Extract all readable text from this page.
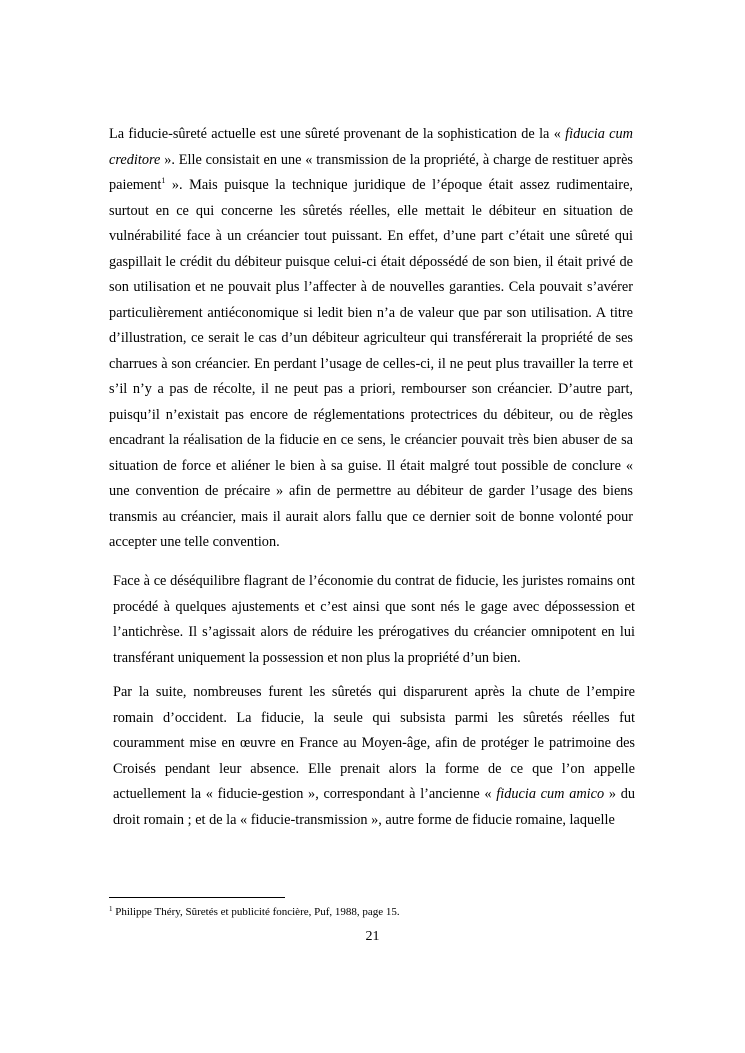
La fiducie-sûreté actuelle est une sûreté provenant de la sophistication de la « fiducia cum creditore ». Elle consistait en une « transmission de la propriété, à charge de restituer après paiement$^1$ ». Mais puisque la technique juridique de l’époque était assez rudimentaire, surtout en ce qui concerne les sûretés réelles, elle mettait le débiteur en situation de vulnérabilité face à un créancier tout puissant. En effet, d’une part c’était une sûreté qui gaspillait le crédit du débiteur puisque celui-ci était dépossédé de son bien, il était privé de son utilisation et ne pouvait plus l’affecter à de nouvelles garanties. Cela pouvait s’avérer particulièrement antiéconomique si ledit bien n’a de valeur que par son utilisation. A titre d’illustration, ce serait le cas d’un débiteur agriculteur qui transférerait la propriété de ses charrues à son créancier. En perdant l’usage de celles-ci, il ne peut plus travailler la terre et s’il n’y a pas de récolte, il ne peut pas a priori, rembourser son créancier. D’autre part, puisqu’il n’existait pas encore de réglementations protectrices du débiteur, ou de règles encadrant la réalisation de la fiducie en ce sens, le créancier pouvait très bien abuser de sa situation de force et aliéner le bien à sa guise. Il était malgré tout possible de conclure « une convention de précaire » afin de permettre au débiteur de garder l’usage des biens transmis au créancier, mais il aurait alors fallu que ce dernier soit de bonne volonté pour accepter une telle convention.

Face à ce déséquilibre flagrant de l’économie du contrat de fiducie, les juristes romains ont procédé à quelques ajustements et c’est ainsi que sont nés le gage avec dépossession et l’antichrèse. Il s’agissait alors de réduire les prérogatives du créancier omnipotent en lui transférant uniquement la possession et non plus la propriété d’un bien.

Par la suite, nombreuses furent les sûretés qui disparurent après la chute de l’empire romain d’occident. La fiducie, la seule qui subsista parmi les sûretés réelles fut couramment mise en œuvre en France au Moyen-âge, afin de protéger le patrimoine des Croisés pendant leur absence. Elle prenait alors la forme de ce que l’on appelle actuellement la « fiducie-gestion », correspondant à l’ancienne « fiducia cum amico » du droit romain ; et de la « fiducie-transmission », autre forme de fiducie romaine, laquelle

$^1$ Philippe Théry, Sûretés et publicité foncière, Puf, 1988, page 15.
21
